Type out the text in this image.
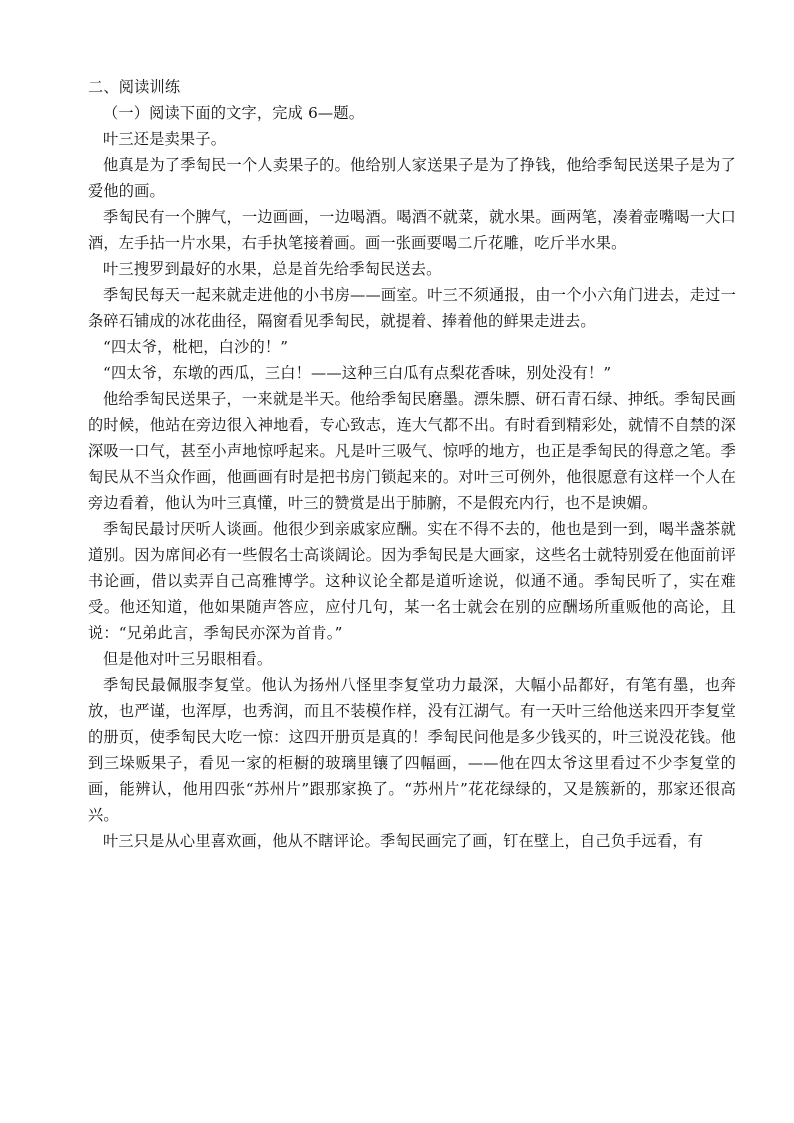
二、阅读训练

（一）阅读下面的文字，完成 6—题。

叶三还是卖果子。

他真是为了季匋民一个人卖果子的。他给别人家送果子是为了挣钱，他给季匋民送果子是为了爱他的画。

季匋民有一个脾气，一边画画，一边喝酒。喝酒不就菜，就水果。画两笔，凑着壶嘴喝一大口酒，左手拈一片水果，右手执笔接着画。画一张画要喝二斤花雕，吃斤半水果。

叶三搜罗到最好的水果，总是首先给季匋民送去。

季匋民每天一起来就走进他的小书房——画室。叶三不须通报，由一个小六角门进去，走过一条碎石铺成的冰花曲径，隔窗看见季匋民，就提着、捧着他的鲜果走进去。

“四太爷，枇杷，白沙的！”

“四太爷，东墩的西瓜，三白！——这种三白瓜有点梨花香味，别处没有！”

他给季匋民送果子，一来就是半天。他给季匋民磨墨。漂朱膘、研石青石绿、抻纸。季匋民画的时候，他站在旁边很入神地看，专心致志，连大气都不出。有时看到精彩处，就情不自禁的深深吸一口气，甚至小声地惊呼起来。凡是叶三吸气、惊呼的地方，也正是季匋民的得意之笔。季匋民从不当众作画，他画画有时是把书房门锁起来的。对叶三可例外，他很愿意有这样一个人在旁边看着，他认为叶三真懂，叶三的赞赏是出于肺腑，不是假充内行，也不是谀媚。

季匋民最讨厌听人谈画。他很少到亲戚家应酬。实在不得不去的，他也是到一到，喝半盏茶就道别。因为席间必有一些假名士高谈阔论。因为季匋民是大画家，这些名士就特别爱在他面前评书论画，借以卖弄自己高雅博学。这种议论全都是道听途说，似通不通。季匋民听了，实在难受。他还知道，他如果随声答应，应付几句，某一名士就会在别的应酬场所重贩他的高论，且说：“兄弟此言，季匋民亦深为首肯。”

但是他对叶三另眼相看。

季匋民最佩服李复堂。他认为扬州八怪里李复堂功力最深，大幅小品都好，有笔有墨，也奔放，也严谨，也浑厚，也秀润，而且不装模作样，没有江湖气。有一天叶三给他送来四开李复堂的册页，使季匋民大吃一惊：这四开册页是真的！季匋民问他是多少钱买的，叶三说没花钱。他到三垛贩果子，看见一家的柜橱的玻璃里镶了四幅画，——他在四太爷这里看过不少李复堂的画，能辨认，他用四张“苏州片”跟那家换了。“苏州片”花花绿绿的，又是簇新的，那家还很高兴。

叶三只是从心里喜欢画，他从不瞎评论。季匋民画完了画，钉在壁上，自己负手远看，有
